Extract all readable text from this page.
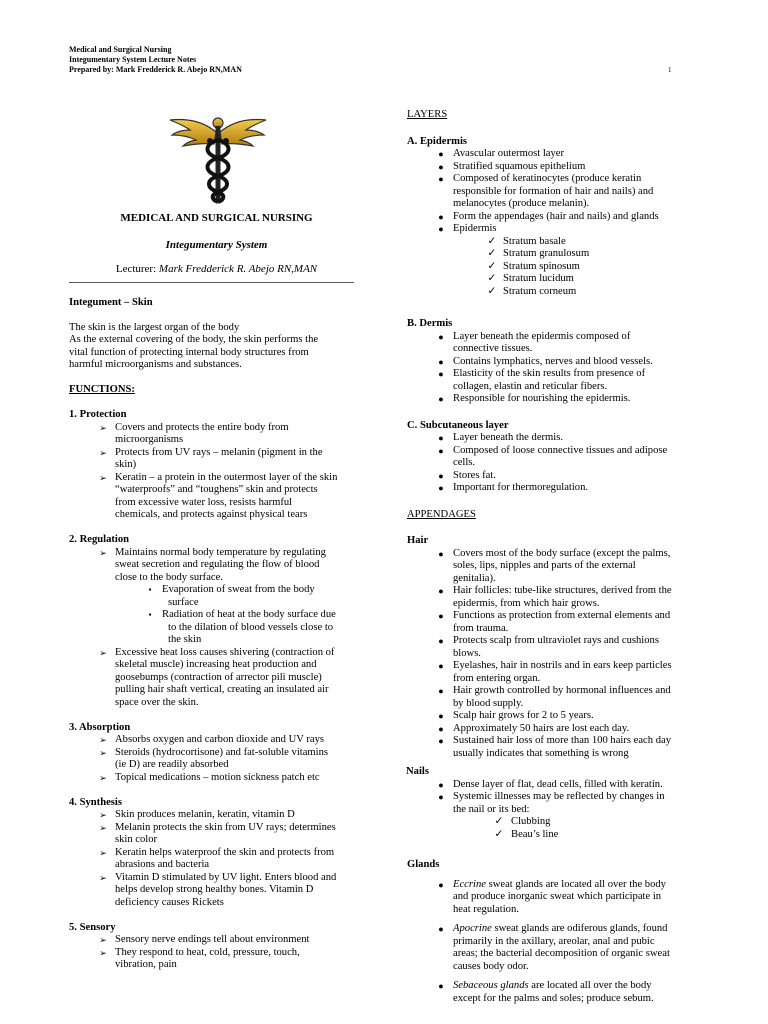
Medical and Surgical Nursing
Integumentary System Lecture Notes
Prepared by: Mark Fredderick R. Abejo RN,MAN	1
MEDICAL AND SURGICAL NURSING
Integumentary System
Lecturer: Mark Fredderick R. Abejo RN,MAN
Integument – Skin
The skin is the largest organ of the body
As the external covering of the body, the skin performs the
vital function of protecting internal body structures from
harmful microorganisms and substances.
FUNCTIONS:
1. Protection
➢ Covers and protects the entire body from
microorganisms
➢ Protects from UV rays – melanin (pigment in the
skin)
➢ Keratin – a protein in the outermost layer of the skin
“waterproofs” and “toughens” skin and protects
from excessive water loss, resists harmful
chemicals, and protects against physical tears
2. Regulation
➢ Maintains normal body temperature by regulating
sweat secretion and regulating the flow of blood
close to the body surface.
▪ Evaporation of sweat from the body
surface
▪ Radiation of heat at the body surface due
to the dilation of blood vessels close to
the skin
➢ Excessive heat loss causes shivering (contraction of
skeletal muscle) increasing heat production and
goosebumps (contraction of arrector pili muscle)
pulling hair shaft vertical, creating an insulated air
space over the skin.
3. Absorption
➢ Absorbs oxygen and carbon dioxide and UV rays
➢ Steroids (hydrocortisone) and fat-soluble vitamins
(ie D) are readily absorbed
➢ Topical medications – motion sickness patch etc
4. Synthesis
➢ Skin produces melanin, keratin, vitamin D
➢ Melanin protects the skin from UV rays; determines
skin color
➢ Keratin helps waterproof the skin and protects from
abrasions and bacteria
➢ Vitamin D stimulated by UV light. Enters blood and
helps develop strong healthy bones. Vitamin D
deficiency causes Rickets
5. Sensory
➢ Sensory nerve endings tell about environment
➢ They respond to heat, cold, pressure, touch,
vibration, pain
LAYERS
A. Epidermis
● Avascular outermost layer
● Stratified squamous epithelium
● Composed of keratinocytes (produce keratin
responsible for formation of hair and nails) and
melanocytes (produce melanin).
● Form the appendages (hair and nails) and glands
● Epidermis
✓ Stratum basale
✓ Stratum granulosum
✓ Stratum spinosum
✓ Stratum lucidum
✓ Stratum corneum
B. Dermis
● Layer beneath the epidermis composed of
connective tissues.
● Contains lymphatics, nerves and blood vessels.
● Elasticity of the skin results from presence of
collagen, elastin and reticular fibers.
● Responsible for nourishing the epidermis.
C. Subcutaneous layer
● Layer beneath the dermis.
● Composed of loose connective tissues and adipose
cells.
● Stores fat.
● Important for thermoregulation.
APPENDAGES
Hair
● Covers most of the body surface (except the palms,
soles, lips, nipples and parts of the external
genitalia).
● Hair follicles: tube-like structures, derived from the
epidermis, from which hair grows.
● Functions as protection from external elements and
from trauma.
● Protects scalp from ultraviolet rays and cushions
blows.
● Eyelashes, hair in nostrils and in ears keep particles
from entering organ.
● Hair growth controlled by hormonal influences and
by blood supply.
● Scalp hair grows for 2 to 5 years.
● Approximately 50 hairs are lost each day.
● Sustained hair loss of more than 100 hairs each day
usually indicates that something is wrong
Nails
● Dense layer of flat, dead cells, filled with keratin.
● Systemic illnesses may be reflected by changes in
the nail or its bed:
✓ Clubbing
✓ Beau’s line
Glands
● Eccrine sweat glands are located all over the body
and produce inorganic sweat which participate in
heat regulation.
● Apocrine sweat glands are odiferous glands, found
primarily in the axillary, areolar, anal and pubic
areas; the bacterial decomposition of organic sweat
causes body odor.
● Sebaceous glands are located all over the body
except for the palms and soles; produce sebum.
